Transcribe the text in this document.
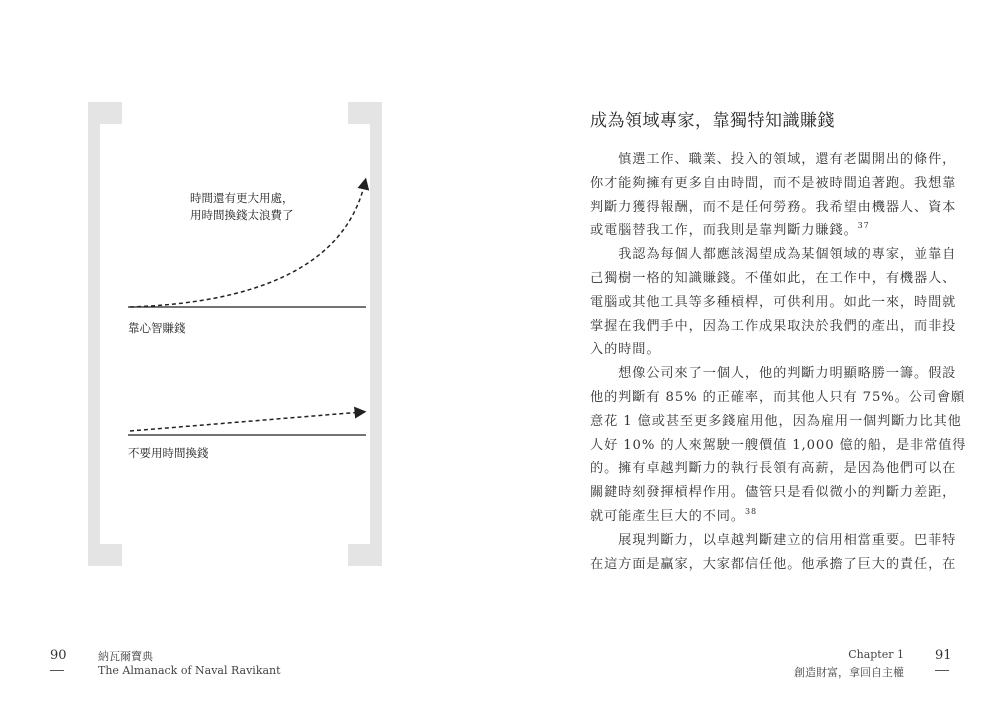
時間還有更大用處，
用時間換錢太浪費了
靠心智賺錢
不要用時間換錢
成為領域專家，靠獨特知識賺錢
　　慎選工作、職業、投入的領域，還有老闆開出的條件，
你才能夠擁有更多自由時間，而不是被時間追著跑。我想靠
判斷力獲得報酬，而不是任何勞務。我希望由機器人、資本
或電腦替我工作，而我則是靠判斷力賺錢。$^{37}$
　　我認為每個人都應該渴望成為某個領域的專家，並靠自
己獨樹一格的知識賺錢。不僅如此，在工作中，有機器人、
電腦或其他工具等多種槓桿，可供利用。如此一來，時間就
掌握在我們手中，因為工作成果取決於我們的產出，而非投
入的時間。
　　想像公司來了一個人，他的判斷力明顯略勝一籌。假設
他的判斷有 85% 的正確率，而其他人只有 75%。公司會願
意花 1 億或甚至更多錢雇用他，因為雇用一個判斷力比其他
人好 10% 的人來駕駛一艘價值 1,000 億的船，是非常值得
的。擁有卓越判斷力的執行長領有高薪，是因為他們可以在
關鍵時刻發揮槓桿作用。儘管只是看似微小的判斷力差距，
就可能產生巨大的不同。$^{38}$
　　展現判斷力，以卓越判斷建立的信用相當重要。巴菲特
在這方面是贏家，大家都信任他。他承擔了巨大的責任，在
90	納瓦爾寶典
The Almanack of Naval Ravikant
Chapter 1
創造財富，拿回自主權
91
